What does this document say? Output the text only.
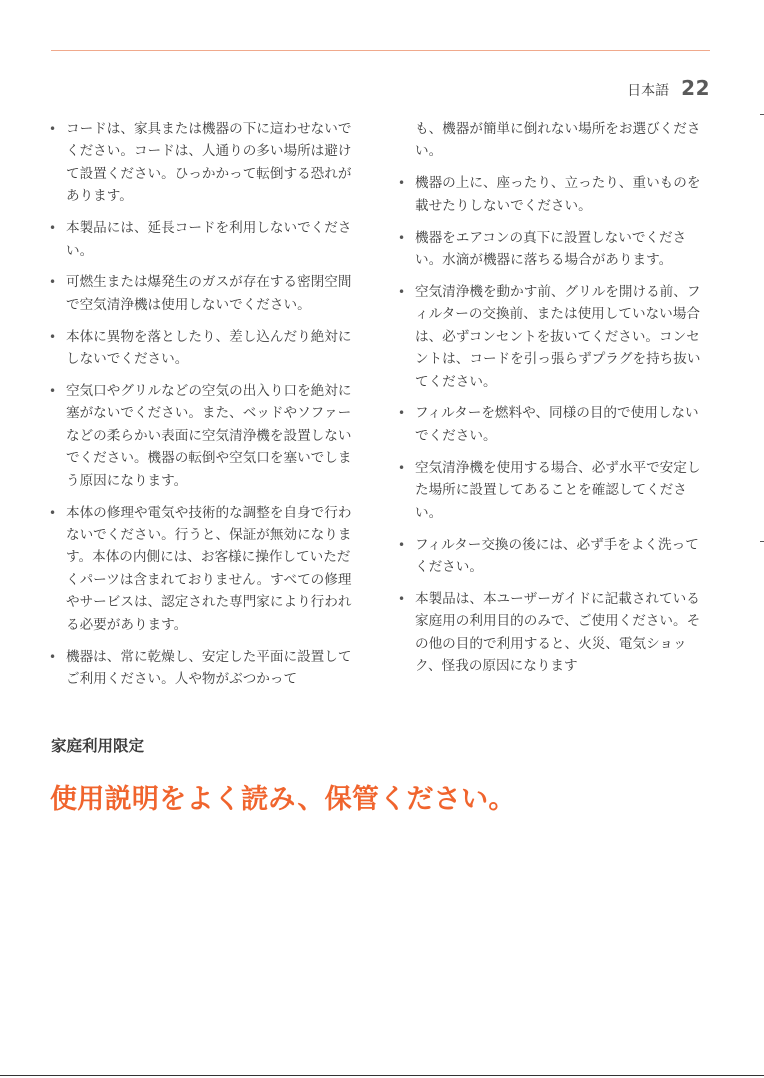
日本語 22
• コードは、家具または機器の下に這わせないでください。コードは、人通りの多い場所は避けて設置ください。ひっかかって転倒する恐れがあります。
• 本製品には、延長コードを利用しないでください。
• 可燃生または爆発生のガスが存在する密閉空間で空気清浄機は使用しないでください。
• 本体に異物を落としたり、差し込んだり絶対にしないでください。
• 空気口やグリルなどの空気の出入り口を絶対に塞がないでください。また、ベッドやソファーなどの柔らかい表面に空気清浄機を設置しないでください。機器の転倒や空気口を塞いでしまう原因になります。
• 本体の修理や電気や技術的な調整を自身で行わないでください。行うと、保証が無効になります。本体の内側には、お客様に操作していただくパーツは含まれておりません。すべての修理やサービスは、認定された専門家により行われる必要があります。
• 機器は、常に乾燥し、安定した平面に設置してご利用ください。人や物がぶつかって
も、機器が簡単に倒れない場所をお選びください。
• 機器の上に、座ったり、立ったり、重いものを載せたりしないでください。
• 機器をエアコンの真下に設置しないでください。水滴が機器に落ちる場合があります。
• 空気清浄機を動かす前、グリルを開ける前、フィルターの交換前、または使用していない場合は、必ずコンセントを抜いてください。コンセントは、コードを引っ張らずプラグを持ち抜いてください。
• フィルターを燃料や、同様の目的で使用しないでください。
• 空気清浄機を使用する場合、必ず水平で安定した場所に設置してあることを確認してください。
• フィルター交換の後には、必ず手をよく洗ってください。
• 本製品は、本ユーザーガイドに記載されている家庭用の利用目的のみで、ご使用ください。その他の目的で利用すると、火災、電気ショック、怪我の原因になります
家庭利用限定
使用説明をよく読み、保管ください。
